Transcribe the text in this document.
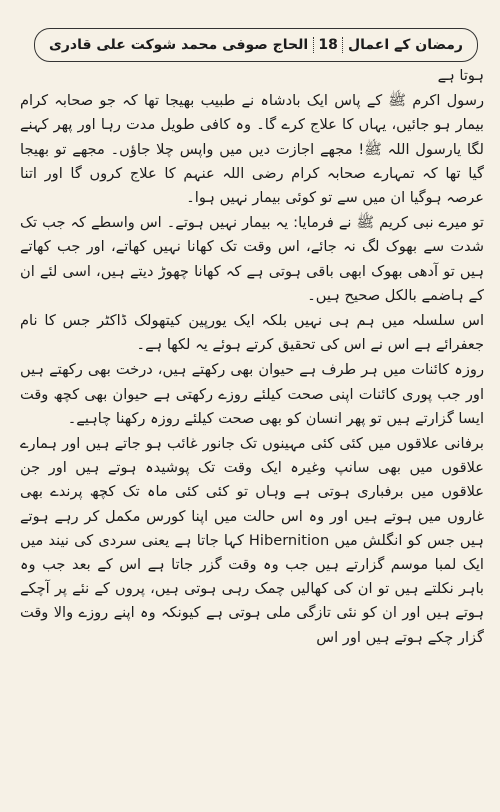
رمضان کے اعمال
18
الحاج صوفی محمد شوکت علی قادری

ہوتا ہے

رسول اکرم ﷺ کے پاس ایک بادشاہ نے طبیب بھیجا تھا کہ جو صحابہ کرام بیمار ہو جائیں، یہاں کا علاج کرے گا۔ وہ کافی طویل مدت رہا اور پھر کہنے لگا یارسول اللہ ﷺ! مجھے اجازت دیں میں واپس چلا جاؤں۔ مجھے تو بھیجا گیا تھا کہ تمہارے صحابہ کرام رضی اللہ عنہم کا علاج کروں گا اور اتنا عرصہ ہوگیا ان میں سے تو کوئی بیمار نہیں ہوا۔

تو میرے نبی کریم ﷺ نے فرمایا: یہ بیمار نہیں ہوتے۔ اس واسطے کہ جب تک شدت سے بھوک لگ نہ جائے، اس وقت تک کھانا نہیں کھاتے، اور جب کھاتے ہیں تو آدھی بھوک ابھی باقی ہوتی ہے کہ کھانا چھوڑ دیتے ہیں، اسی لئے ان کے ہاضمے بالکل صحیح ہیں۔

اس سلسلہ میں ہم ہی نہیں بلکہ ایک یورپین کیتھولک ڈاکٹر جس کا نام جعفرائے ہے اس نے اس کی تحقیق کرتے ہوئے یہ لکھا ہے۔

روزہ کائنات میں ہر طرف ہے حیوان بھی رکھتے ہیں، درخت بھی رکھتے ہیں اور جب پوری کائنات اپنی صحت کیلئے روزے رکھتی ہے حیوان بھی کچھ وقت ایسا گزارتے ہیں تو پھر انسان کو بھی صحت کیلئے روزہ رکھنا چاہیے۔

برفانی علاقوں میں کئی کئی مہینوں تک جانور غائب ہو جاتے ہیں اور ہمارے علاقوں میں بھی سانپ وغیرہ ایک وقت تک پوشیدہ ہوتے ہیں اور جن علاقوں میں برفباری ہوتی ہے وہاں تو کئی کئی ماہ تک کچھ پرندے بھی غاروں میں ہوتے ہیں اور وہ اس حالت میں اپنا کورس مکمل کر رہے ہوتے ہیں جس کو انگلش میں Hibernition کہا جاتا ہے یعنی سردی کی نیند میں ایک لمبا موسم گزارتے ہیں جب وہ وقت گزر جاتا ہے اس کے بعد جب وہ باہر نکلتے ہیں تو ان کی کھالیں چمک رہی ہوتی ہیں، پروں کے نئے پر آچکے ہوتے ہیں اور ان کو نئی تازگی ملی ہوتی ہے کیونکہ وہ اپنے روزے والا وقت گزار چکے ہوتے ہیں اور اس
